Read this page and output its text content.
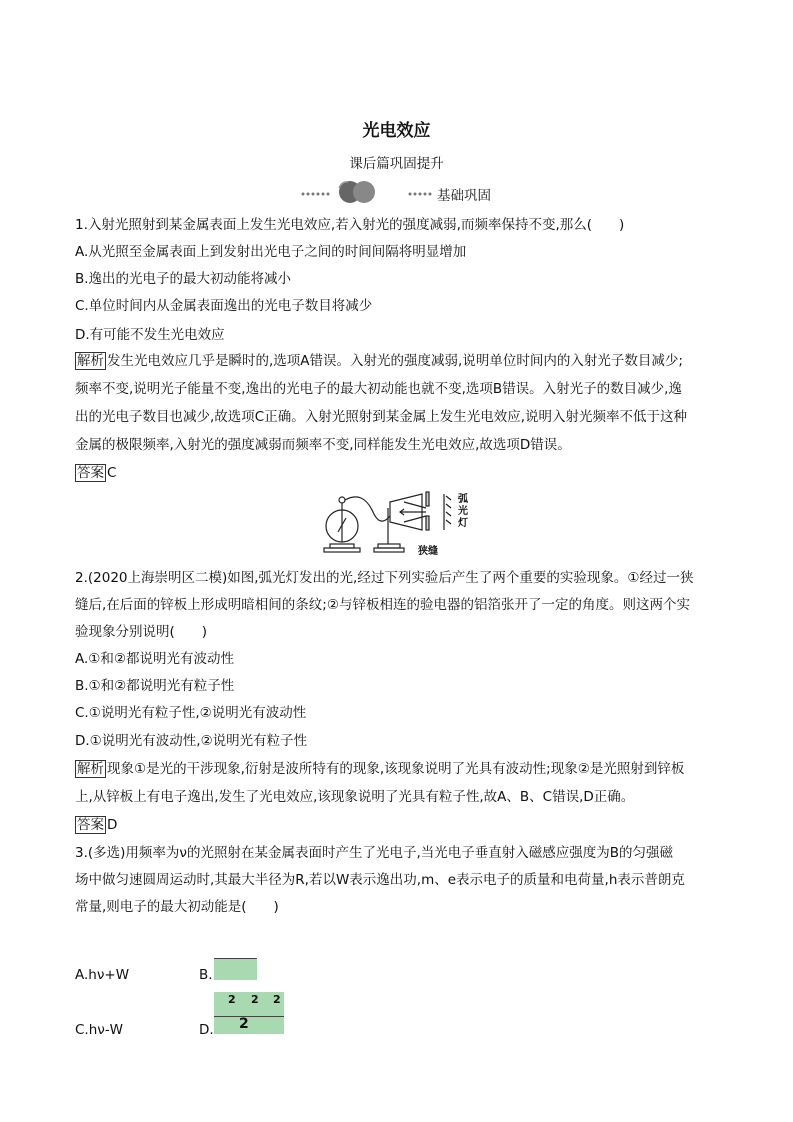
光电效应
课后篇巩固提升
基础巩固
1.入射光照射到某金属表面上发生光电效应,若入射光的强度减弱,而频率保持不变,那么(　　)
A.从光照至金属表面上到发射出光电子之间的时间间隔将明显增加
B.逸出的光电子的最大初动能将减小
C.单位时间内从金属表面逸出的光电子数目将减少
D.有可能不发生光电效应
解析 发生光电效应几乎是瞬时的,选项A错误。入射光的强度减弱,说明单位时间内的入射光子数目减少;
频率不变,说明光子能量不变,逸出的光电子的最大初动能也就不变,选项B错误。入射光子的数目减少,逸
出的光电子数目也减少,故选项C正确。入射光照射到某金属上发生光电效应,说明入射光频率不低于这种
金属的极限频率,入射光的强度减弱而频率不变,同样能发生光电效应,故选项D错误。
答案 C
狭缝
弧光灯
2.(2020上海崇明区二模)如图,弧光灯发出的光,经过下列实验后产生了两个重要的实验现象。①经过一狭
缝后,在后面的锌板上形成明暗相间的条纹;②与锌板相连的验电器的铝箔张开了一定的角度。则这两个实
验现象分别说明(　　)
A.①和②都说明光有波动性
B.①和②都说明光有粒子性
C.①说明光有粒子性,②说明光有波动性
D.①说明光有波动性,②说明光有粒子性
解析 现象①是光的干涉现象,衍射是波所特有的现象,该现象说明了光具有波动性;现象②是光照射到锌板
上,从锌板上有电子逸出,发生了光电效应,该现象说明了光具有粒子性,故A、B、C错误,D正确。
答案 D
3.(多选)用频率为ν的光照射在某金属表面时产生了光电子,当光电子垂直射入磁感应强度为B的匀强磁
场中做匀速圆周运动时,其最大半径为R,若以W表示逸出功,m、e表示电子的质量和电荷量,h表示普朗克
常量,则电子的最大初动能是(　　)
A.hν+W	B.
C.hν-W	D.
2 2 2
2
